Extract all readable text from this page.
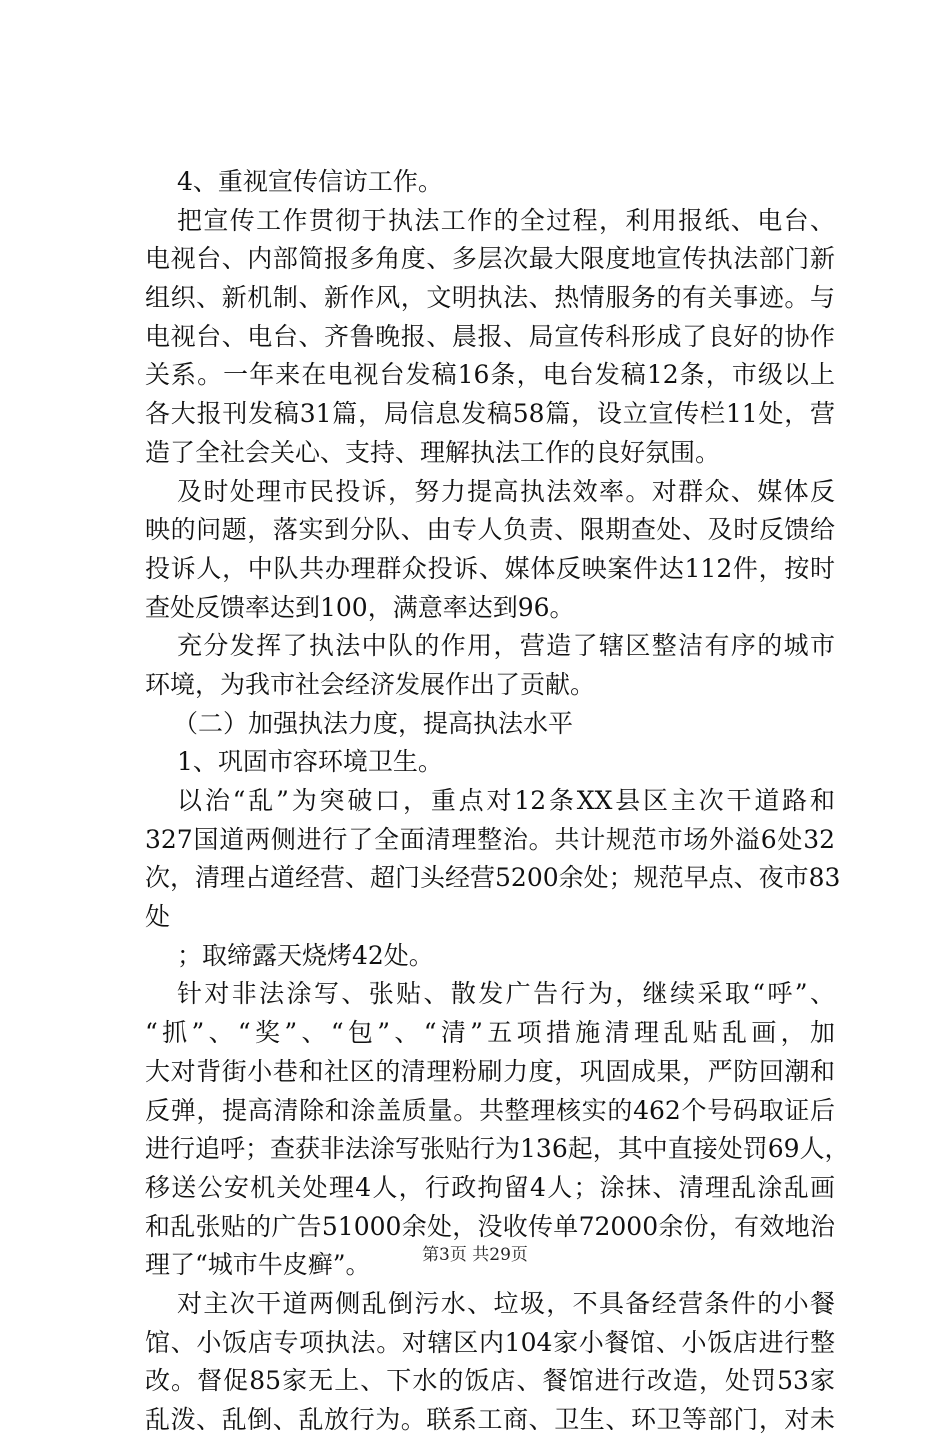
4、重视宣传信访工作。
把宣传工作贯彻于执法工作的全过程，利用报纸、电台、
电视台、内部简报多角度、多层次最大限度地宣传执法部门新
组织、新机制、新作风，文明执法、热情服务的有关事迹。与
电视台、电台、齐鲁晚报、晨报、局宣传科形成了良好的协作
关系。一年来在电视台发稿16条，电台发稿12条，市级以上
各大报刊发稿31篇，局信息发稿58篇，设立宣传栏11处，营
造了全社会关心、支持、理解执法工作的良好氛围。
及时处理市民投诉，努力提高执法效率。对群众、媒体反
映的问题，落实到分队、由专人负责、限期查处、及时反馈给
投诉人，中队共办理群众投诉、媒体反映案件达112件，按时
查处反馈率达到100，满意率达到96。
充分发挥了执法中队的作用，营造了辖区整洁有序的城市
环境，为我市社会经济发展作出了贡献。
（二）加强执法力度，提高执法水平
1、巩固市容环境卫生。
以治“乱”为突破口，重点对12条XX县区主次干道路和
327国道两侧进行了全面清理整治。共计规范市场外溢6处32
次，清理占道经营、超门头经营5200余处；规范早点、夜市83
处
；取缔露天烧烤42处。
针对非法涂写、张贴、散发广告行为，继续采取“呼”、
“抓”、“奖”、“包”、“清”五项措施清理乱贴乱画，加
大对背街小巷和社区的清理粉刷力度，巩固成果，严防回潮和
反弹，提高清除和涂盖质量。共整理核实的462个号码取证后
进行追呼；查获非法涂写张贴行为136起，其中直接处罚69人，
移送公安机关处理4人，行政拘留4人；涂抹、清理乱涂乱画
和乱张贴的广告51000余处，没收传单72000余份，有效地治
理了“城市牛皮癣”。
对主次干道两侧乱倒污水、垃圾，不具备经营条件的小餐
馆、小饭店专项执法。对辖区内104家小餐馆、小饭店进行整
改。督促85家无上、下水的饭店、餐馆进行改造，处罚53家
乱泼、乱倒、乱放行为。联系工商、卫生、环卫等部门，对未
第3页 共29页
